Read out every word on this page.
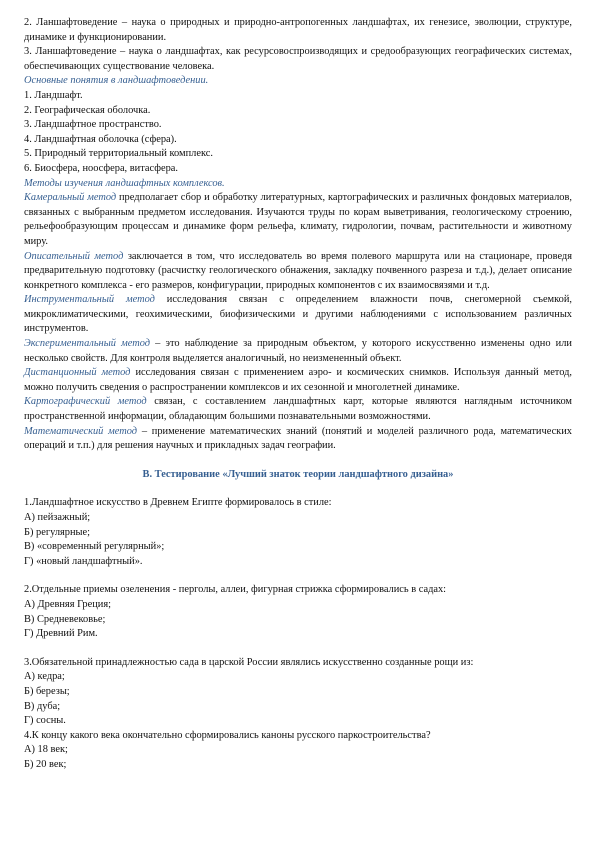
2. Ланшафтоведение – наука о природных и природно-антропогенных ландшафтах, их генезисе, эволюции, структуре, динамике и функционировании.

3. Ланшафтоведение – наука о ландшафтах, как ресурсовоспроизводящих и средообразующих географических системах, обеспечивающих существование человека.

Основные понятия в ландшафтоведении.

1. Ландшафт.

2. Географическая оболочка.

3. Ландшафтное пространство.

4. Ландшафтная оболочка (сфера).

5. Природный территориальный комплекс.

6. Биосфера, ноосфера, витасфера.

Методы изучения ландшафтных комплексов.

Камеральный метод предполагает сбор и обработку литературных, картографических и различных фондовых материалов, связанных с выбранным предметом исследования. Изучаются труды по корам выветривания, геологическому строению, рельефообразующим процессам и динамике форм рельефа, климату, гидрологии, почвам, растительности и животному миру.

Описательный метод заключается в том, что исследователь во время полевого маршрута или на стационаре, проведя предварительную подготовку (расчистку геологического обнажения, закладку почвенного разреза и т.д.), делает описание конкретного комплекса - его размеров, конфигурации, природных компонентов с их взаимосвязями и т.д.

Инструментальный метод исследования связан с определением влажности почв, снегомерной съемкой, микроклиматическими, геохимическими, биофизическими и другими наблюдениями с использованием различных инструментов.

Экспериментальный метод – это наблюдение за природным объектом, у которого искусственно изменены одно или несколько свойств. Для контроля выделяется аналогичный, но неизмененный объект.

Дистанционный метод исследования связан с применением аэро- и космических снимков. Используя данный метод, можно получить сведения о распространении комплексов и их сезонной и многолетней динамике.

Картографический метод связан, с составлением ландшафтных карт, которые являются наглядным источником пространственной информации, обладающим большими познавательными возможностями.

Математический метод – применение математических знаний (понятий и моделей различного рода, математических операций и т.п.) для решения научных и прикладных задач географии.

B. Тестирование «Лучший знаток теории ландшафтного дизайна»

1.Ландшафтное искусство в Древнем Египте формировалось в стиле:

А) пейзажный;

Б) регулярные;

В) «современный регулярный»;

Г) «новый ландшафтный».

2.Отдельные приемы озеленения - перголы, аллеи, фигурная стрижка сформировались в садах:

А) Древняя Греция;

В) Средневековье;

Г) Древний Рим.

3.Обязательной принадлежностью сада в царской России являлись искусственно созданные рощи из:

А) кедра;

Б) березы;

В) дуба;

Г) сосны.

4.К концу какого века окончательно сформировались каноны русского паркостроительства?

А) 18 век;

Б) 20 век;
